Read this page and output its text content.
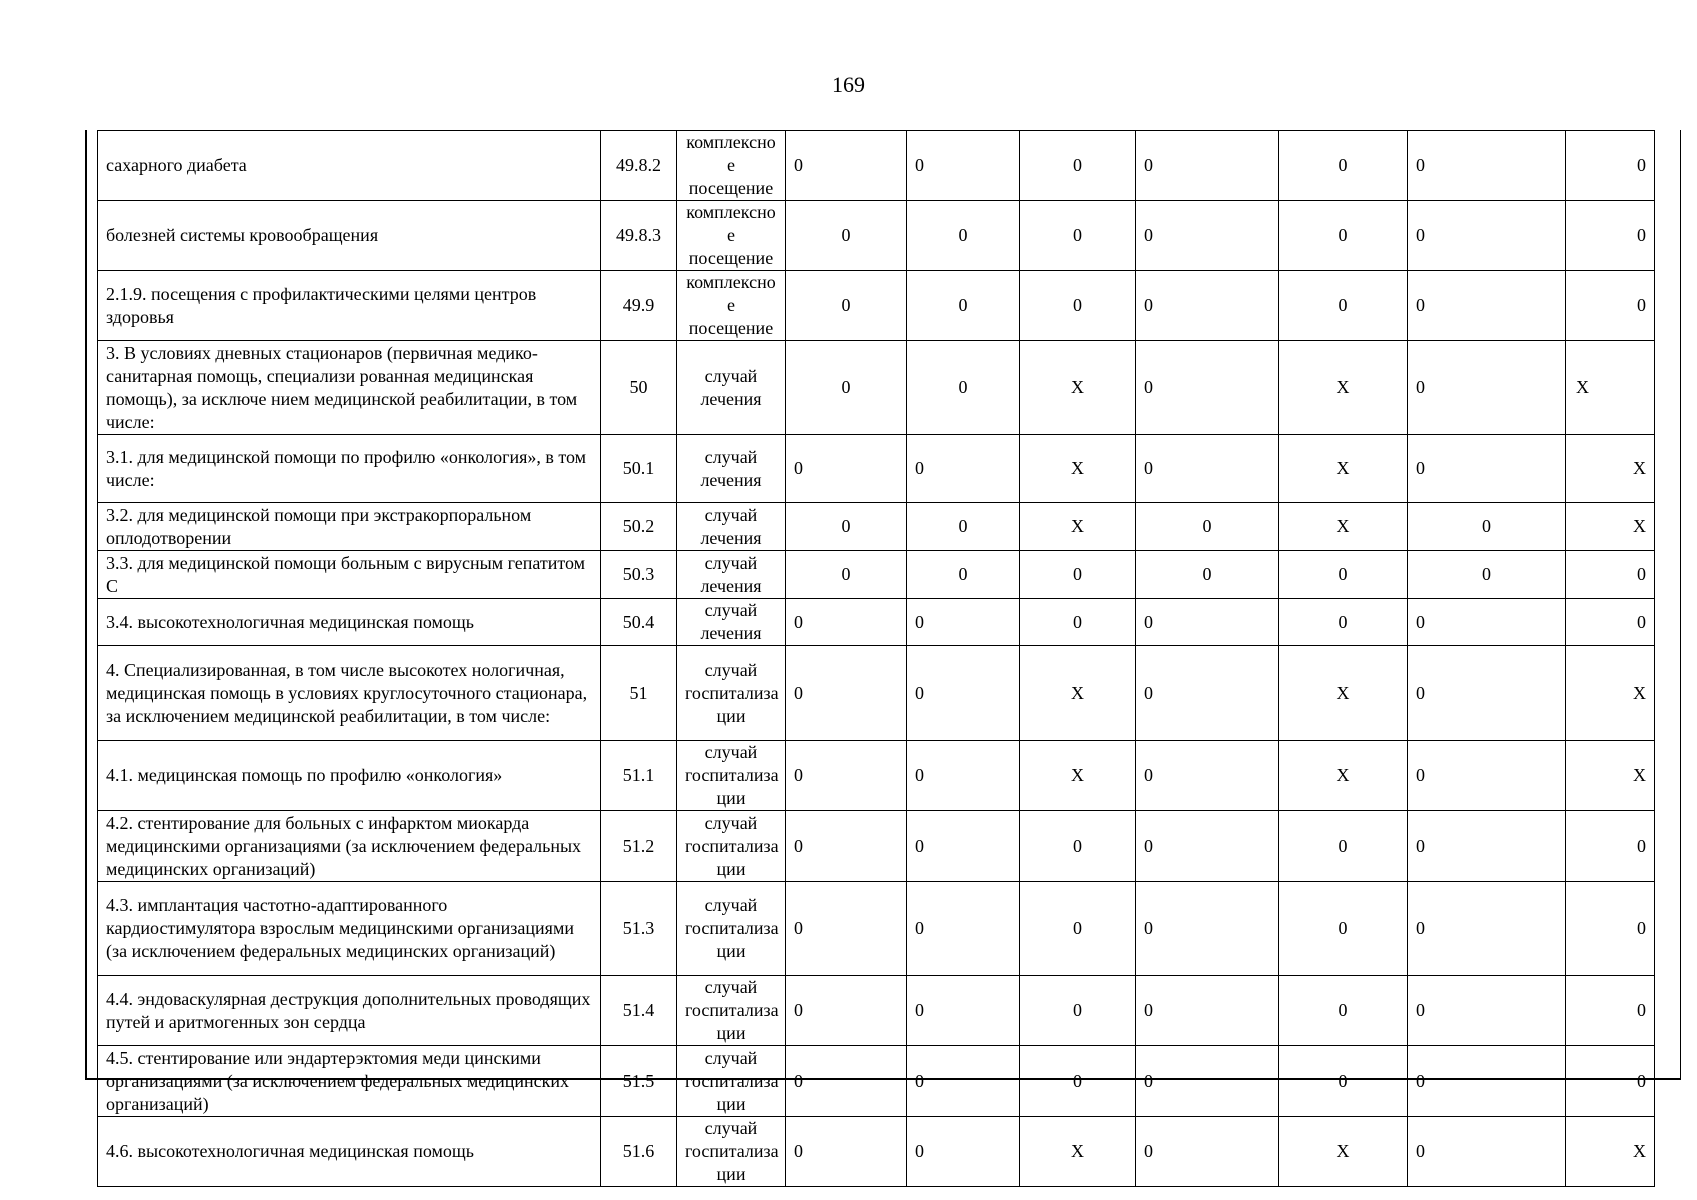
169
сахарного диабета	49.8.2	комплексно е посещение	0	0	0	0	0	0	0
болезней системы кровообращения	49.8.3	комплексно е посещение	0	0	0	0	0	0	0
2.1.9. посещения с профилактическими целями центров здоровья	49.9	комплексно е посещение	0	0	0	0	0	0	0
3. В условиях дневных стационаров (первичная медико-санитарная помощь, специализи рованная медицинская помощь), за исключе нием медицинской реабилитации, в том числе:	50	случай лечения	0	0	X	0	X	0	X
3.1. для медицинской помощи по профилю «онкология», в том числе:	50.1	случай лечения	0	0	X	0	X	0	X
3.2. для медицинской помощи при экстракорпоральном оплодотворении	50.2	случай лечения	0	0	X	0	X	0	X
3.3. для медицинской помощи больным с вирусным гепатитом С	50.3	случай лечения	0	0	0	0	0	0	0
3.4. высокотехнологичная медицинская помощь	50.4	случай лечения	0	0	0	0	0	0	0
4. Специализированная, в том числе высокотех нологичная, медицинская помощь в условиях круглосуточного стационара, за исключением медицинской реабилитации, в том числе:	51	случай госпитализа ции	0	0	X	0	X	0	X
4.1. медицинская помощь по профилю «онкология»	51.1	случай госпитализа ции	0	0	X	0	X	0	X
4.2. стентирование для больных с инфарктом миокарда медицинскими организациями (за исключением федеральных медицинских организаций)	51.2	случай госпитализа ции	0	0	0	0	0	0	0
4.3. имплантация частотно-адаптированного кардиостимулятора взрослым медицинскими организациями (за исключением федеральных медицинских организаций)	51.3	случай госпитализа ции	0	0	0	0	0	0	0
4.4. эндоваскулярная деструкция дополнительных проводящих путей и аритмогенных зон сердца	51.4	случай госпитализа ции	0	0	0	0	0	0	0
4.5. стентирование или эндартерэктомия меди цинскими организациями (за исключением федеральных медицинских организаций)	51.5	случай госпитализа ции	0	0	0	0	0	0	0
4.6. высокотехнологичная медицинская помощь	51.6	случай госпитализа ции	0	0	X	0	X	0	X
